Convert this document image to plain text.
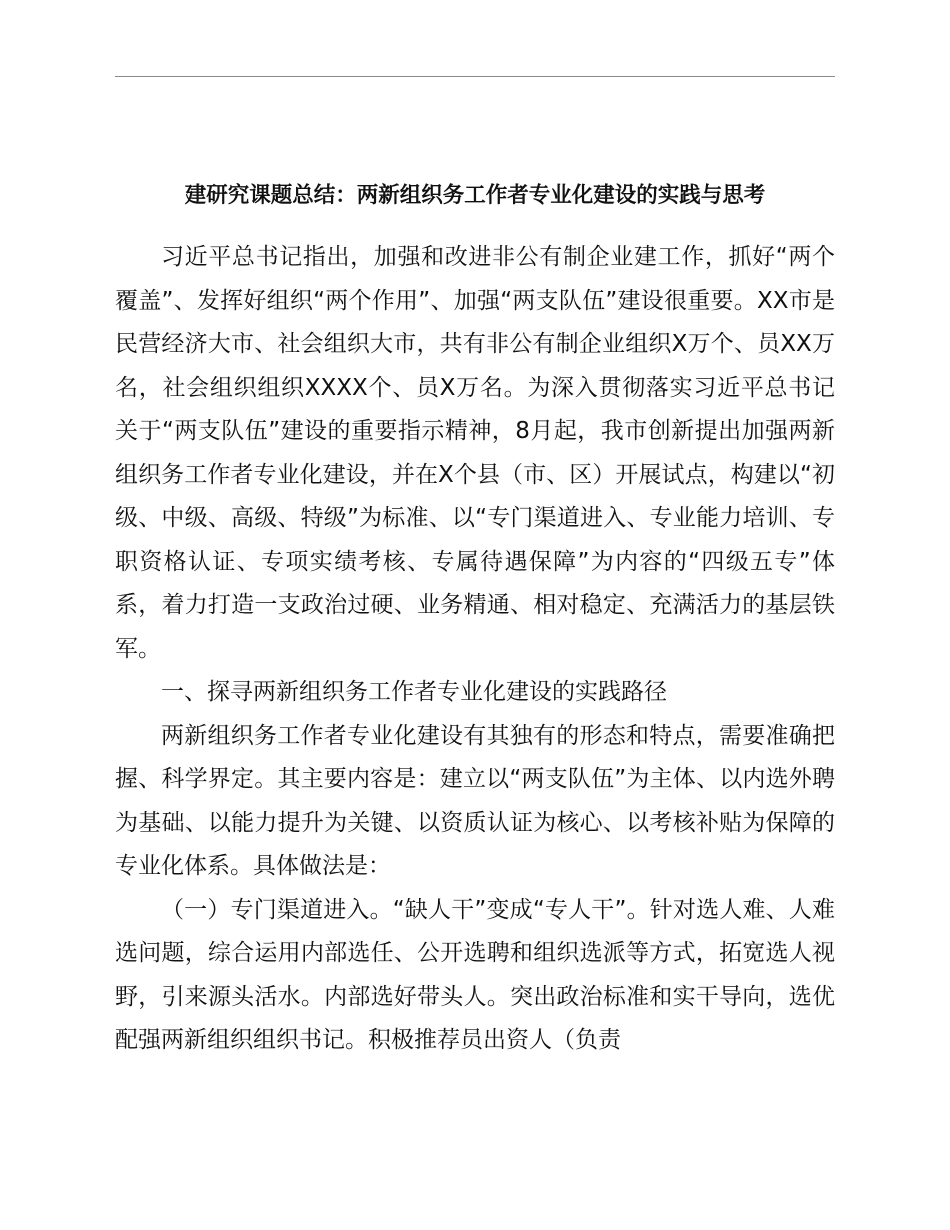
建研究课题总结：两新组织务工作者专业化建设的实践与思考

习近平总书记指出，加强和改进非公有制企业建工作，抓好“两个覆盖”、发挥好组织“两个作用”、加强“两支队伍”建设很重要。XX市是民营经济大市、社会组织大市，共有非公有制企业组织X万个、员XX万名，社会组织组织XXXX个、员X万名。为深入贯彻落实习近平总书记关于“两支队伍”建设的重要指示精神，8月起，我市创新提出加强两新组织务工作者专业化建设，并在X个县（市、区）开展试点，构建以“初级、中级、高级、特级”为标准、以“专门渠道进入、专业能力培训、专职资格认证、专项实绩考核、专属待遇保障”为内容的“四级五专”体系，着力打造一支政治过硬、业务精通、相对稳定、充满活力的基层铁军。

一、探寻两新组织务工作者专业化建设的实践路径

两新组织务工作者专业化建设有其独有的形态和特点，需要准确把握、科学界定。其主要内容是：建立以“两支队伍”为主体、以内选外聘为基础、以能力提升为关键、以资质认证为核心、以考核补贴为保障的专业化体系。具体做法是：

（一）专门渠道进入。“缺人干”变成“专人干”。针对选人难、人难选问题，综合运用内部选任、公开选聘和组织选派等方式，拓宽选人视野，引来源头活水。内部选好带头人。突出政治标准和实干导向，选优配强两新组织组织书记。积极推荐员出资人（负责
